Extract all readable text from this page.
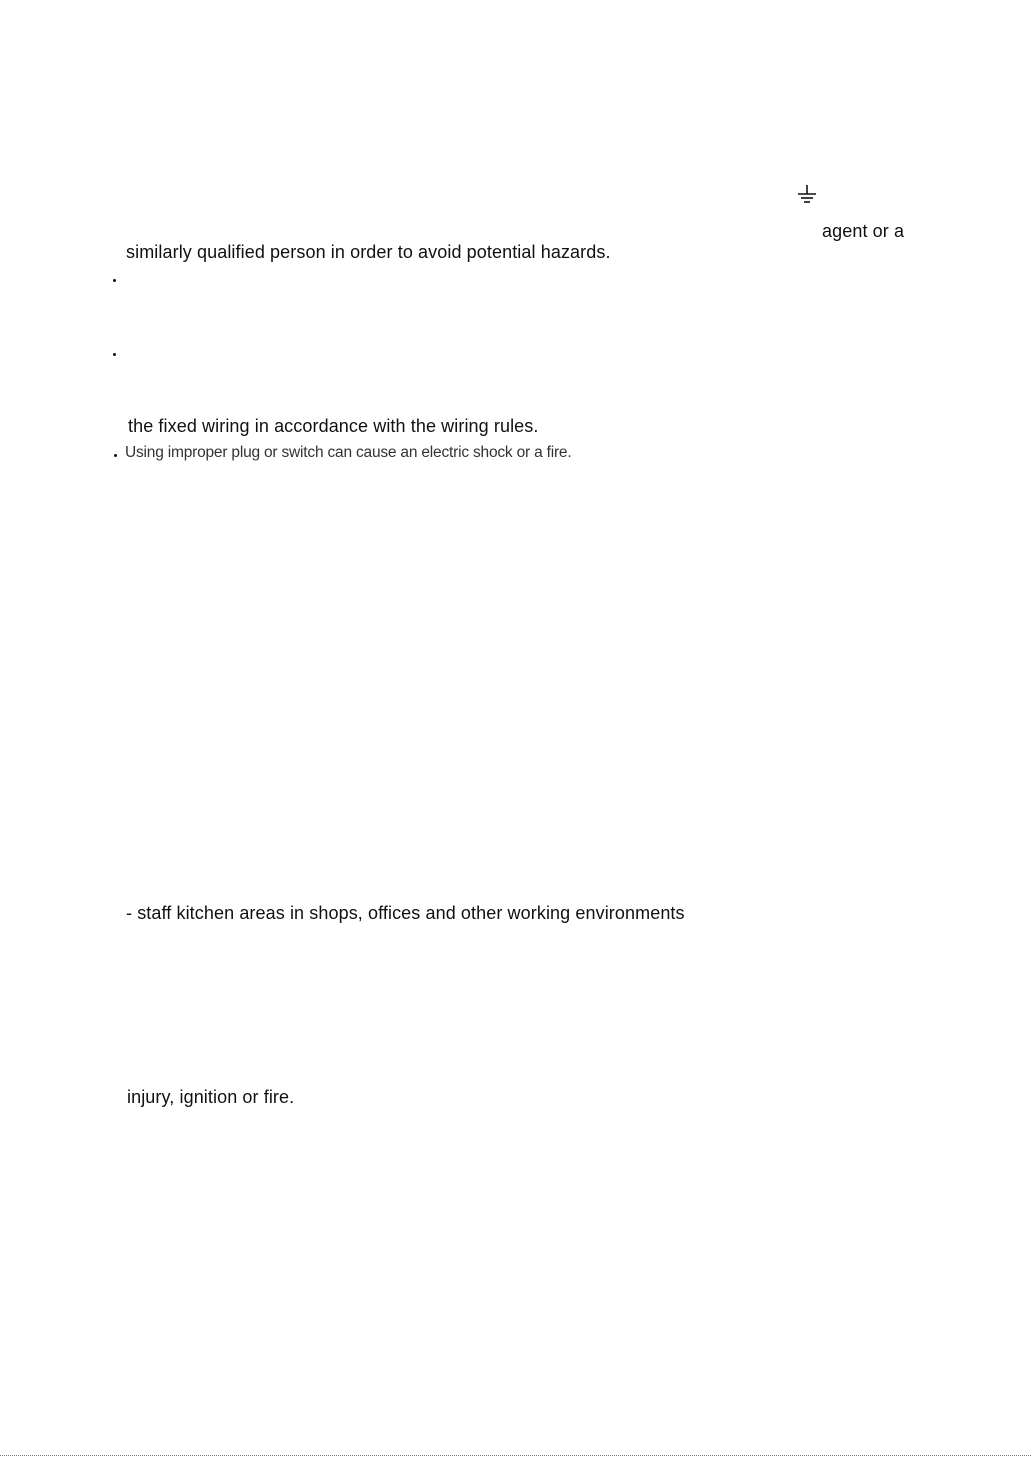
agent or a
similarly qualified person in order to avoid potential hazards.
the fixed wiring in accordance with the wiring rules.
Using improper plug or switch can cause an electric shock or a fire.
- staff kitchen areas in shops, offices and other working environments
injury, ignition or fire.
